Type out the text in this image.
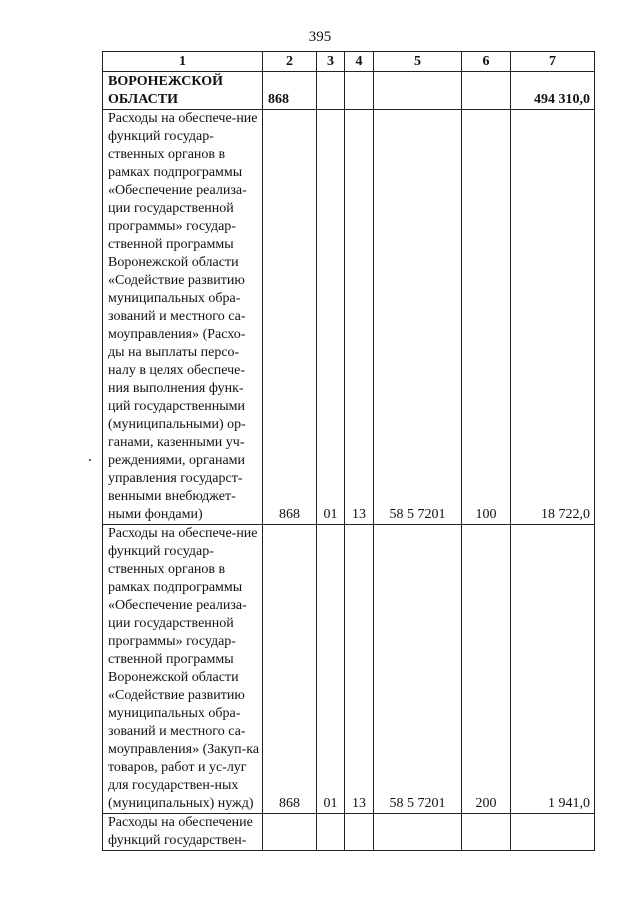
395
1	2	3	4	5	6	7
ВОРОНЕЖСКОЙ ОБЛАСТИ	868					494 310,0
Расходы на обеспече-ние функций государ-ственных органов в рамках подпрограммы «Обеспечение реализа-ции государственной программы» государ-ственной программы Воронежской области «Содействие развитию муниципальных обра-зований и местного са-моуправления» (Расхо-ды на выплаты персо-налу в целях обеспече-ния выполнения функ-ций государственными (муниципальными) ор-ганами, казенными уч-реждениями, органами управления государст-венными внебюджет-ными фондами)	868	01	13	58 5 7201	100	18 722,0
Расходы на обеспече-ние функций государ-ственных органов в рамках подпрограммы «Обеспечение реализа-ции государственной программы» государ-ственной программы Воронежской области «Содействие развитию муниципальных обра-зований и местного са-моуправления» (Закуп-ка товаров, работ и ус-луг для государствен-ных (муниципальных) нужд)	868	01	13	58 5 7201	200	1 941,0
Расходы на обеспечение функций государствен-						
